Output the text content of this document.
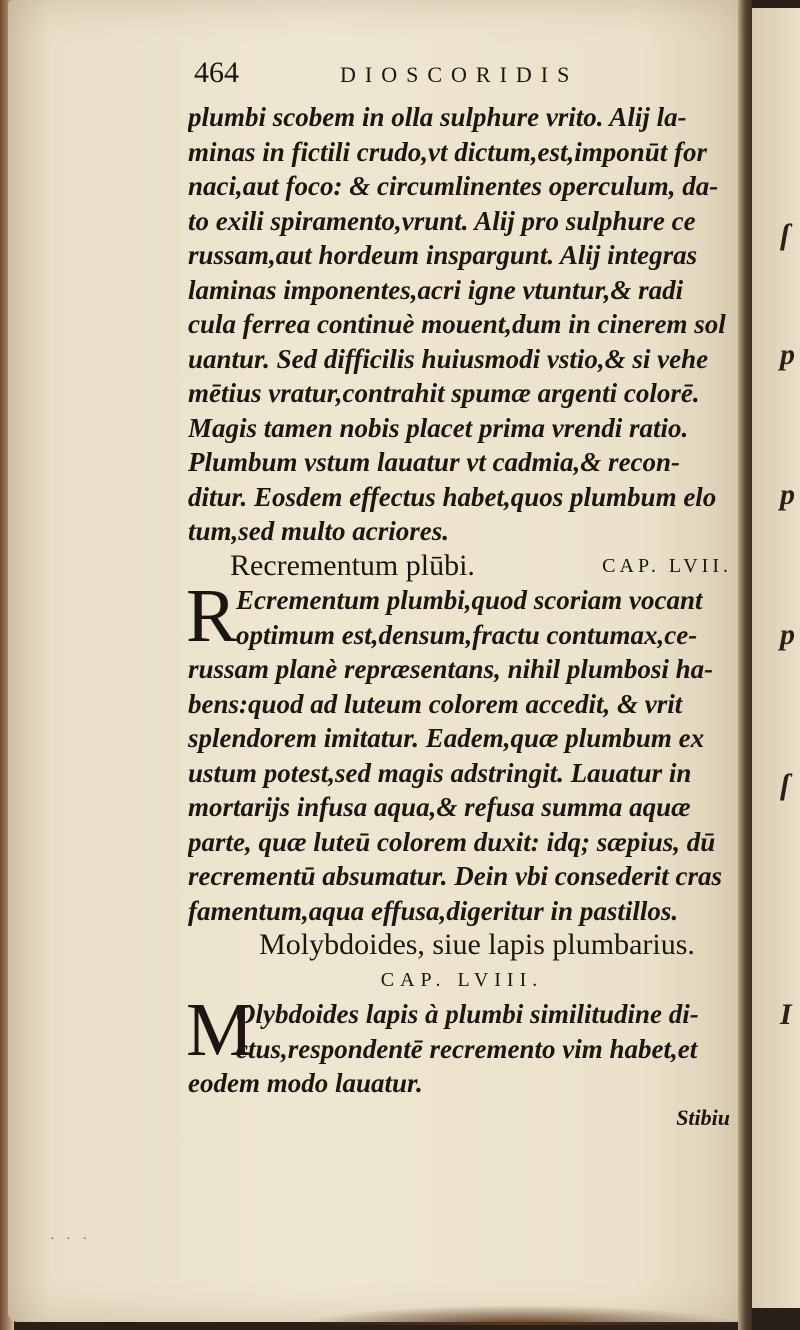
ſ
p
p
p
ſ
I
464	DIOSCORIDIS
plumbi scobem in olla sulphure vrito. Alij la-
minas in fictili crudo,vt dictum,est,imponūt for
naci,aut foco: & circumlinentes operculum, da-
to exili spiramento,vrunt. Alij pro sulphure ce
russam,aut hordeum inspargunt. Alij integras
laminas imponentes,acri igne vtuntur,& radi
cula ferrea continuè mouent,dum in cinerem sol
uantur. Sed difficilis huiusmodi vstio,& si vehe
mētius vratur,contrahit spumæ argenti colorē.
Magis tamen nobis placet prima vrendi ratio.
Plumbum vstum lauatur vt cadmia,& recon-
ditur. Eosdem effectus habet,quos plumbum elo
tum,sed multo acriores.
Recrementum plūbi.	CAP. LVII.
R Ecrementum plumbi,quod scoriam vocant
optimum est,densum,fractu contumax,ce-
russam planè repræsentans, nihil plumbosi ha-
bens:quod ad luteum colorem accedit, & vrit
splendorem imitatur. Eadem,quæ plumbum ex
ustum potest,sed magis adstringit. Lauatur in
mortarijs infusa aqua,& refusa summa aquæ
parte, quæ luteū colorem duxit: idq; sæpius, dū
recrementū absumatur. Dein vbi consederit cras
famentum,aqua effusa,digeritur in pastillos.
Molybdoides, siue lapis plumbarius.
CAP. LVIII.
M
Olybdoides lapis à plumbi similitudine di-
ctus,respondentē recremento vim habet,et
eodem modo lauatur.
Stibiu
· · ·
